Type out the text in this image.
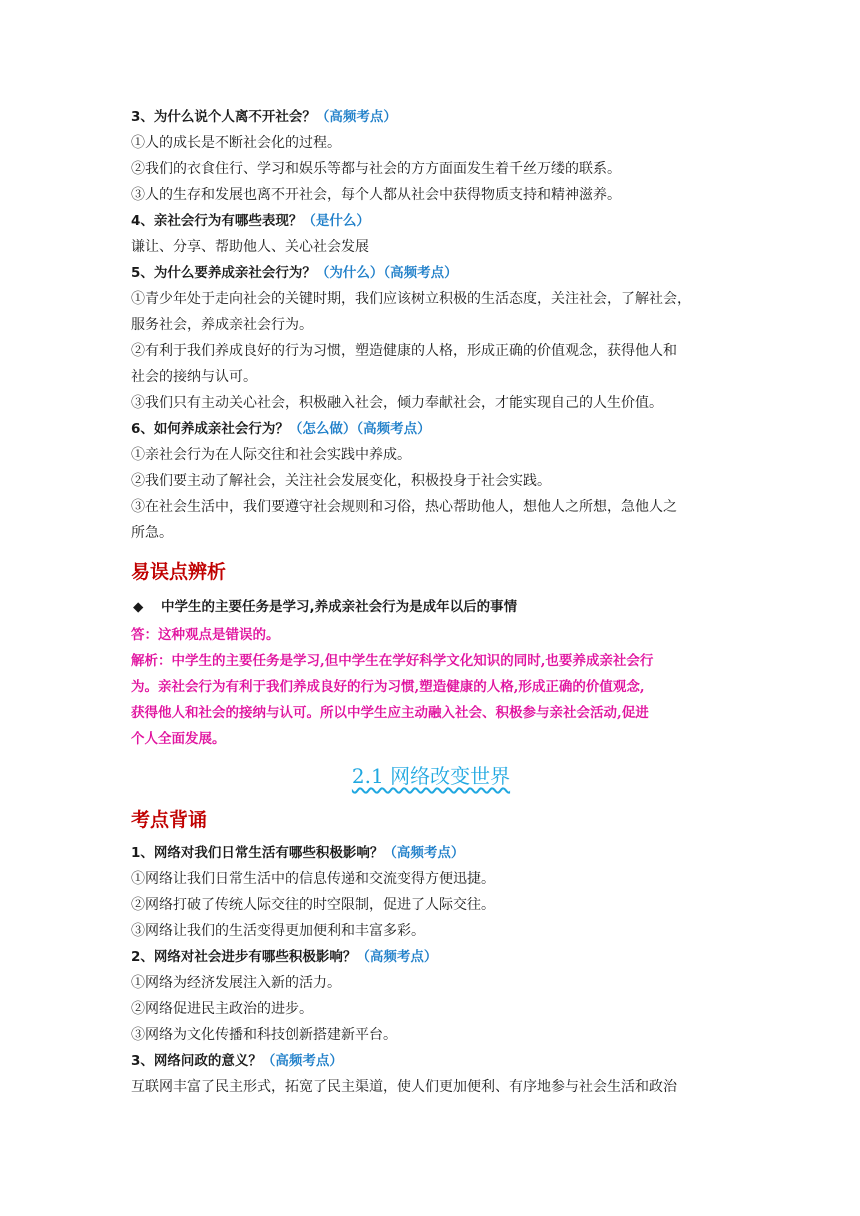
3、为什么说个人离不开社会？（高频考点）
①人的成长是不断社会化的过程。
②我们的衣食住行、学习和娱乐等都与社会的方方面面发生着千丝万缕的联系。
③人的生存和发展也离不开社会，每个人都从社会中获得物质支持和精神滋养。
4、亲社会行为有哪些表现？（是什么）
谦让、分享、帮助他人、关心社会发展
5、为什么要养成亲社会行为？（为什么）（高频考点）
①青少年处于走向社会的关键时期，我们应该树立积极的生活态度，关注社会，了解社会，
服务社会，养成亲社会行为。
②有利于我们养成良好的行为习惯，塑造健康的人格，形成正确的价值观念，获得他人和
社会的接纳与认可。
③我们只有主动关心社会，积极融入社会，倾力奉献社会，才能实现自己的人生价值。
6、如何养成亲社会行为？（怎么做）（高频考点）
①亲社会行为在人际交往和社会实践中养成。
②我们要主动了解社会，关注社会发展变化，积极投身于社会实践。
③在社会生活中，我们要遵守社会规则和习俗，热心帮助他人，想他人之所想，急他人之
所急。
易误点辨析
◆ 中学生的主要任务是学习,养成亲社会行为是成年以后的事情
答：这种观点是错误的。
解析：中学生的主要任务是学习,但中学生在学好科学文化知识的同时,也要养成亲社会行
为。亲社会行为有利于我们养成良好的行为习惯,塑造健康的人格,形成正确的价值观念,
获得他人和社会的接纳与认可。所以中学生应主动融入社会、积极参与亲社会活动,促进
个人全面发展。
2.1 网络改变世界
考点背诵
1、网络对我们日常生活有哪些积极影响？（高频考点）
①网络让我们日常生活中的信息传递和交流变得方便迅捷。
②网络打破了传统人际交往的时空限制，促进了人际交往。
③网络让我们的生活变得更加便利和丰富多彩。
2、网络对社会进步有哪些积极影响？（高频考点）
①网络为经济发展注入新的活力。
②网络促进民主政治的进步。
③网络为文化传播和科技创新搭建新平台。
3、网络问政的意义？（高频考点）
互联网丰富了民主形式，拓宽了民主渠道，使人们更加便利、有序地参与社会生活和政治
